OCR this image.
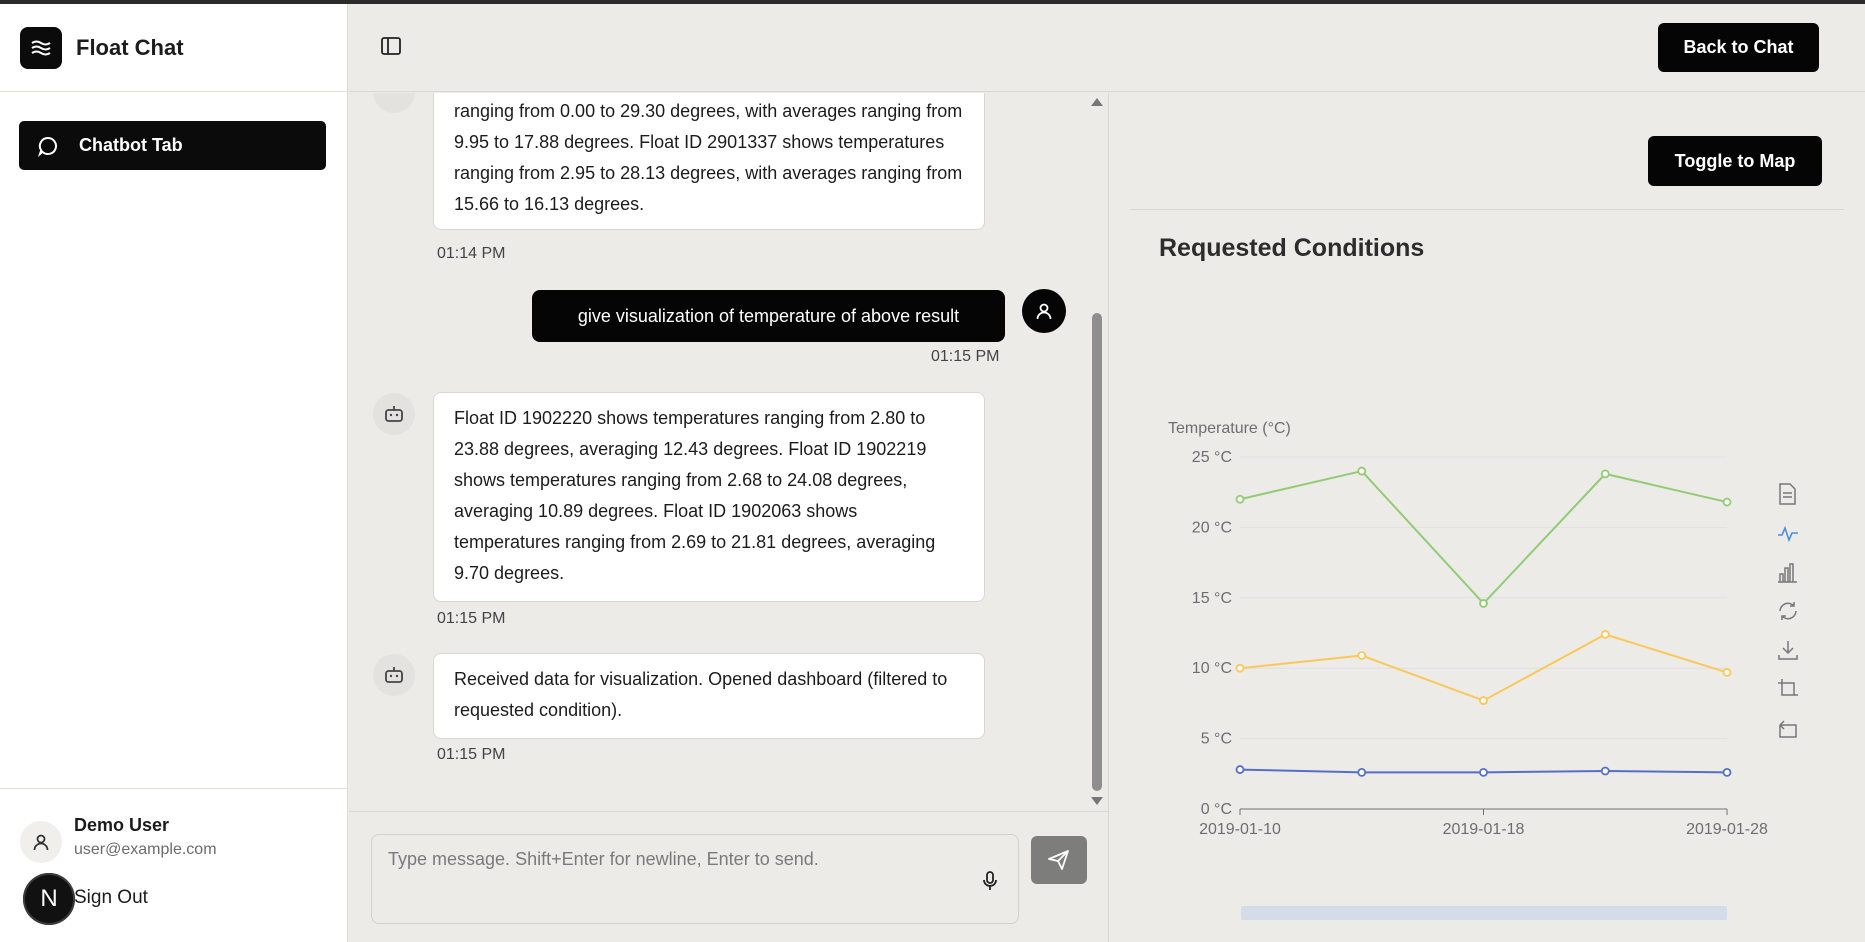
Float Chat
Chatbot Tab
Demo User
user@example.com
N Sign Out
Back to Chat
ranging from 0.00 to 29.30 degrees, with averages ranging from 9.95 to 17.88 degrees. Float ID 2901337 shows temperatures ranging from 2.95 to 28.13 degrees, with averages ranging from 15.66 to 16.13 degrees.
01:14 PM
give visualization of temperature of above result
01:15 PM
Float ID 1902220 shows temperatures ranging from 2.80 to 23.88 degrees, averaging 12.43 degrees. Float ID 1902219 shows temperatures ranging from 2.68 to 24.08 degrees, averaging 10.89 degrees. Float ID 1902063 shows temperatures ranging from 2.69 to 21.81 degrees, averaging 9.70 degrees.
01:15 PM
Received data for visualization. Opened dashboard (filtered to requested condition).
01:15 PM
Type message. Shift+Enter for newline, Enter to send.
Toggle to Map
Requested Conditions
Temperature (°C)
0 °C
5 °C
10 °C
15 °C
20 °C
25 °C
2019-01-10	2019-01-18	2019-01-28
